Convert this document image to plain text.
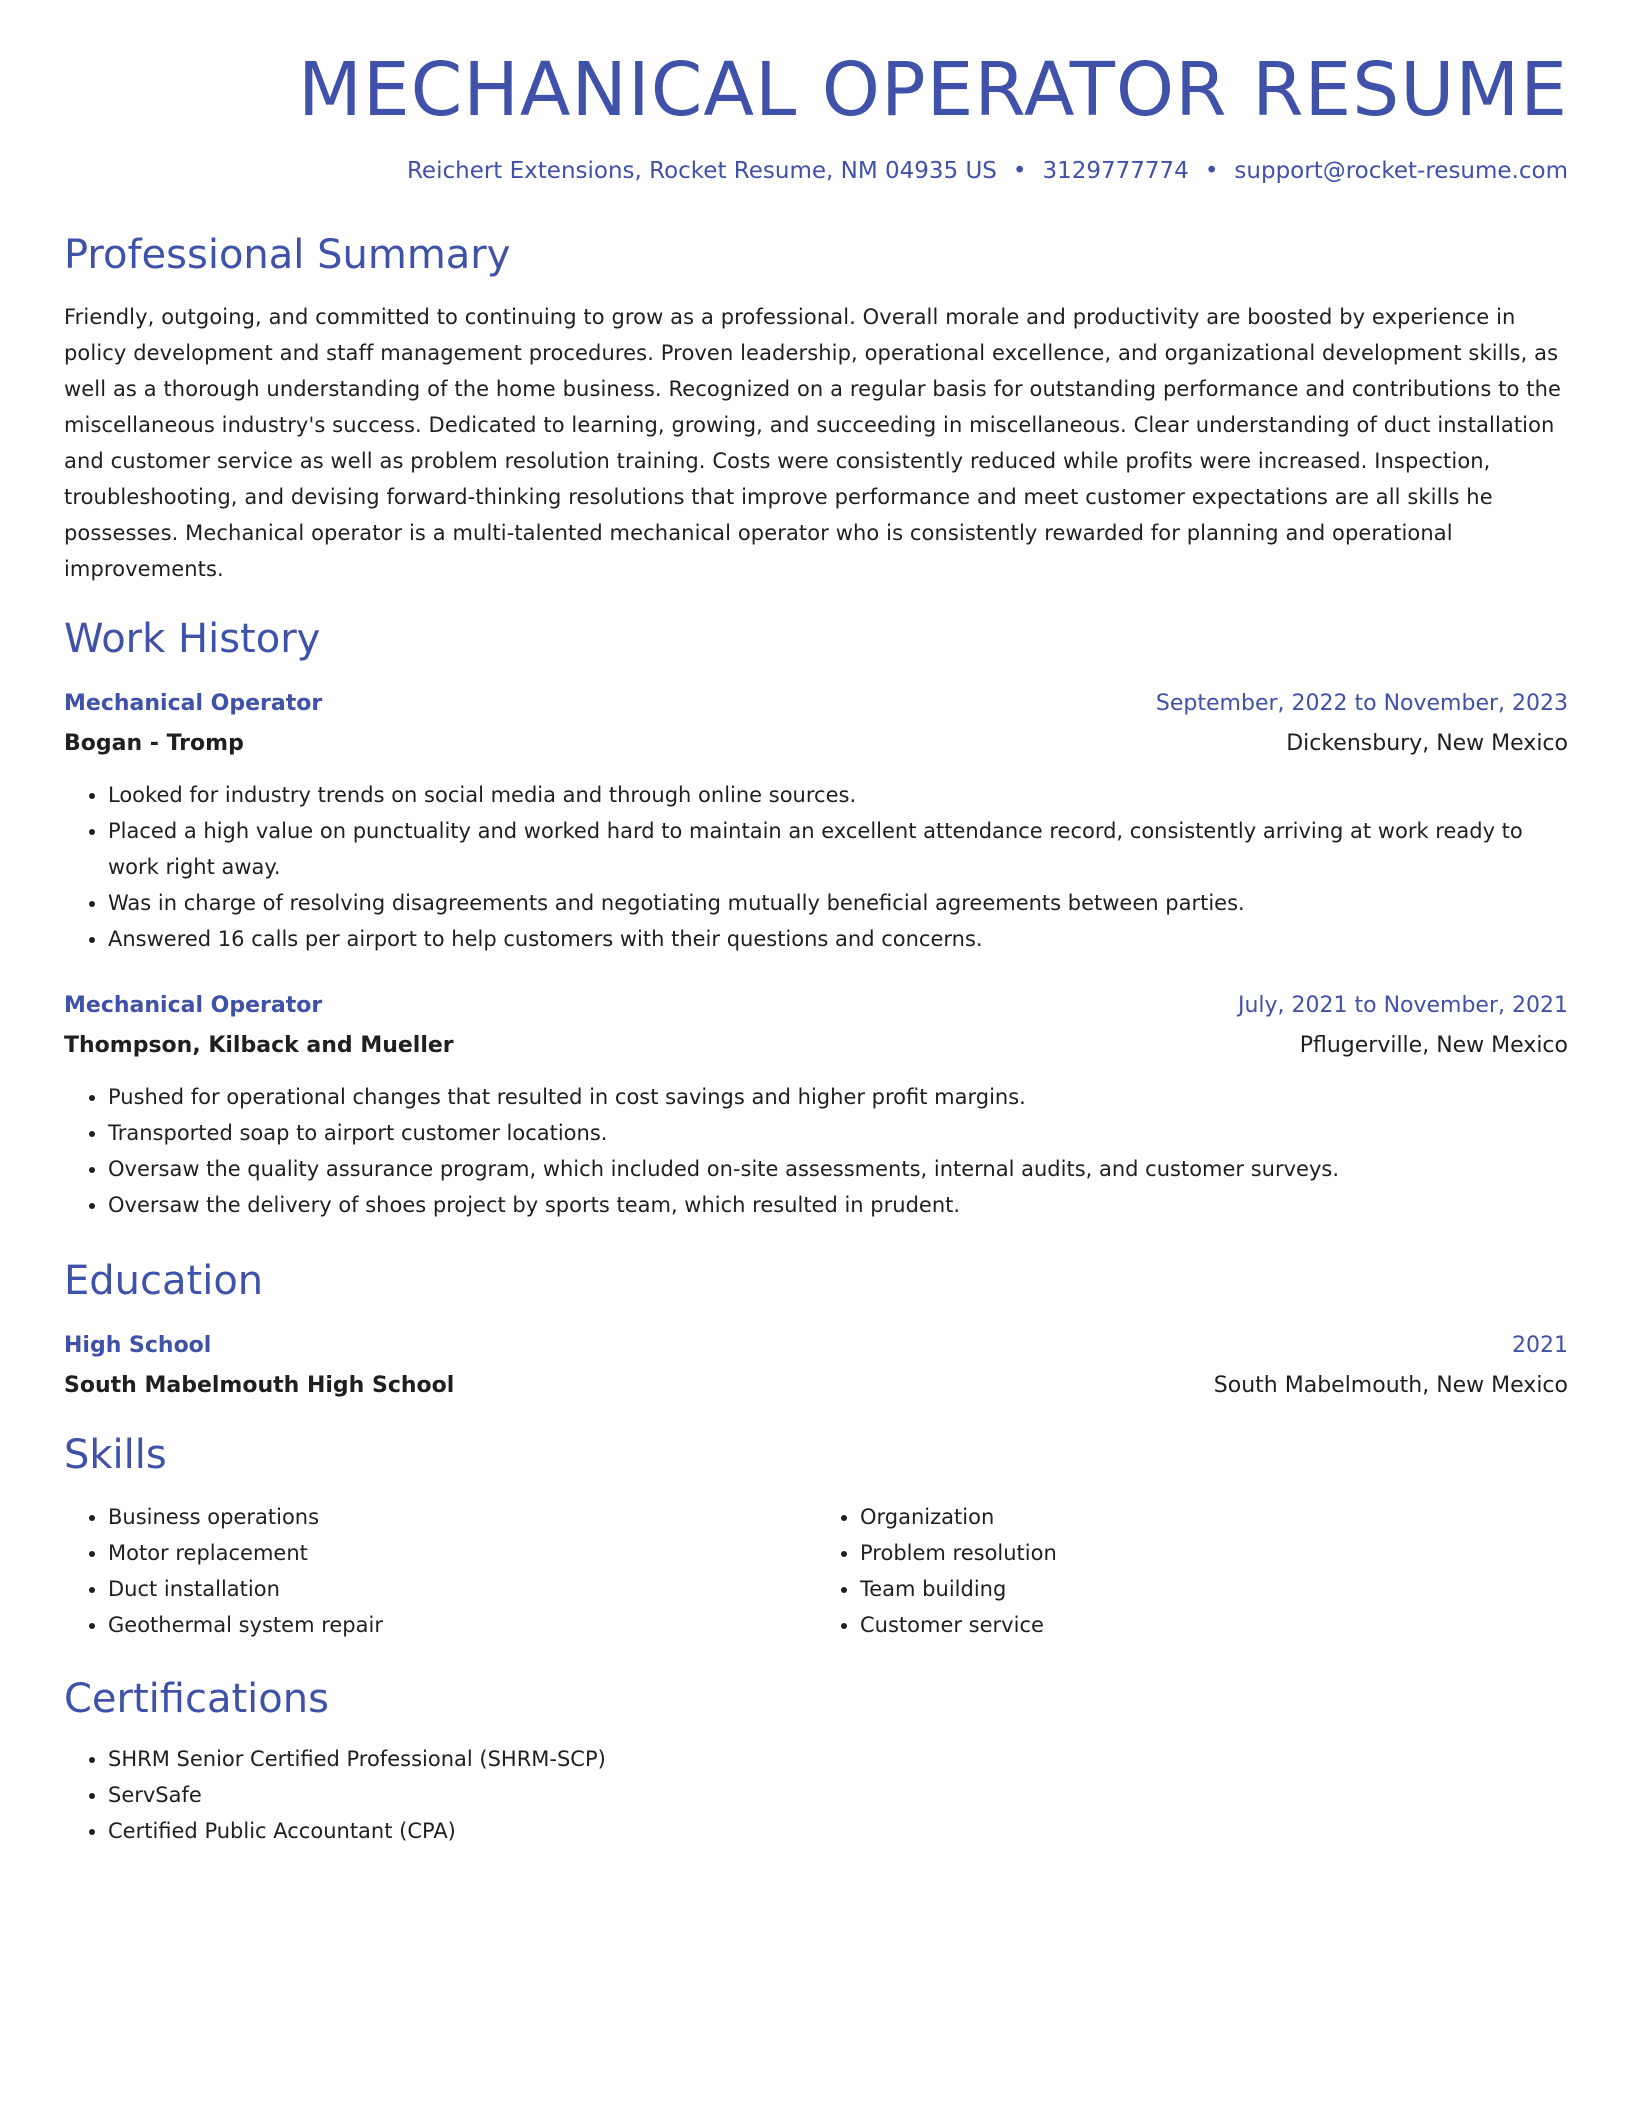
MECHANICAL OPERATOR RESUME
Reichert Extensions, Rocket Resume, NM 04935 US • 3129777774 • support@rocket-resume.com
Professional Summary
Friendly, outgoing, and committed to continuing to grow as a professional. Overall morale and productivity are boosted by experience in policy development and staff management procedures. Proven leadership, operational excellence, and organizational development skills, as well as a thorough understanding of the home business. Recognized on a regular basis for outstanding performance and contributions to the miscellaneous industry's success. Dedicated to learning, growing, and succeeding in miscellaneous. Clear understanding of duct installation and customer service as well as problem resolution training. Costs were consistently reduced while profits were increased. Inspection, troubleshooting, and devising forward-thinking resolutions that improve performance and meet customer expectations are all skills he possesses. Mechanical operator is a multi-talented mechanical operator who is consistently rewarded for planning and operational improvements.
Work History
Mechanical Operator	September, 2022 to November, 2023
Bogan - Tromp	Dickensbury, New Mexico
• Looked for industry trends on social media and through online sources.
• Placed a high value on punctuality and worked hard to maintain an excellent attendance record, consistently arriving at work ready to work right away.
• Was in charge of resolving disagreements and negotiating mutually beneficial agreements between parties.
• Answered 16 calls per airport to help customers with their questions and concerns.
Mechanical Operator	July, 2021 to November, 2021
Thompson, Kilback and Mueller	Pflugerville, New Mexico
• Pushed for operational changes that resulted in cost savings and higher profit margins.
• Transported soap to airport customer locations.
• Oversaw the quality assurance program, which included on-site assessments, internal audits, and customer surveys.
• Oversaw the delivery of shoes project by sports team, which resulted in prudent.
Education
High School	2021
South Mabelmouth High School	South Mabelmouth, New Mexico
Skills
• Business operations
• Motor replacement
• Duct installation
• Geothermal system repair
• Organization
• Problem resolution
• Team building
• Customer service
Certifications
• SHRM Senior Certified Professional (SHRM-SCP)
• ServSafe
• Certified Public Accountant (CPA)
